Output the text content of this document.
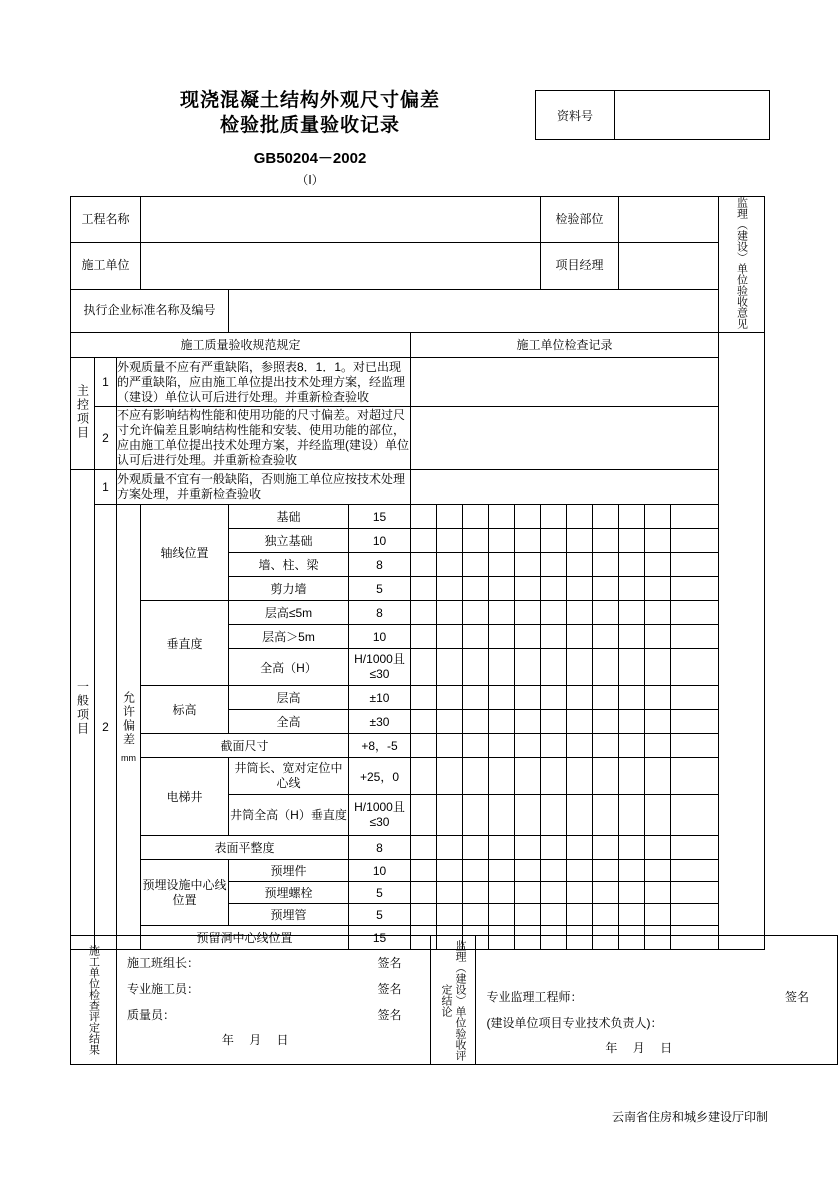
现浇混凝土结构外观尺寸偏差
检验批质量验收记录
GB50204－2002
（Ⅰ）
资料号
工程名称											检验部位						监理（建设）单位验收意见
施工单位											项目经理						
执行企业标准名称及编号																	
施工质量验收规范规定						施工单位检查记录											
主控项目	1	外观质量不应有严重缺陷，参照表8．1．1。对已出现的严重缺陷，应由施工单位提出技术处理方案，经监理（建设）单位认可后进行处理。并重新检查验收															
	2	不应有影响结构性能和使用功能的尺寸偏差。对超过尺寸允许偏差且影响结构性能和安装、使用功能的部位，应由施工单位提出技术处理方案，并经监理(建设）单位认可后进行处理。并重新检查验收															
一般项目	1	外观质量不宜有一般缺陷，否则施工单位应按技术处理方案处理，并重新检查验收															
	2	允许偏差
mm	轴线位置	基础	15												
				独立基础	10												
				墙、柱、梁	8												
				剪力墙	5												
			垂直度	层高≤5m	8												
				层高＞5m	10												
				全高（H）	H/1000且≤30												
			标高	层高	±10												
				全高	±30												
			截面尺寸		+8，-5												
			电梯井	井筒长、宽对定位中心线	+25，0												
				井筒全高（H）垂直度	H/1000且≤30												
			表面平整度		8												
			预埋设施中心线位置	预埋件	10												
				预埋螺栓	5												
				预埋管	5												
			预留洞中心线位置		15												
施工单位检查评定结果	施工班组长：	签名
专业施工员：	签名
质量员：	签名
年 月 日	监理（建设）单位验收评定结论	专业监理工程师：	签名
(建设单位项目专业技术负责人)：
年 月 日
云南省住房和城乡建设厅印制
